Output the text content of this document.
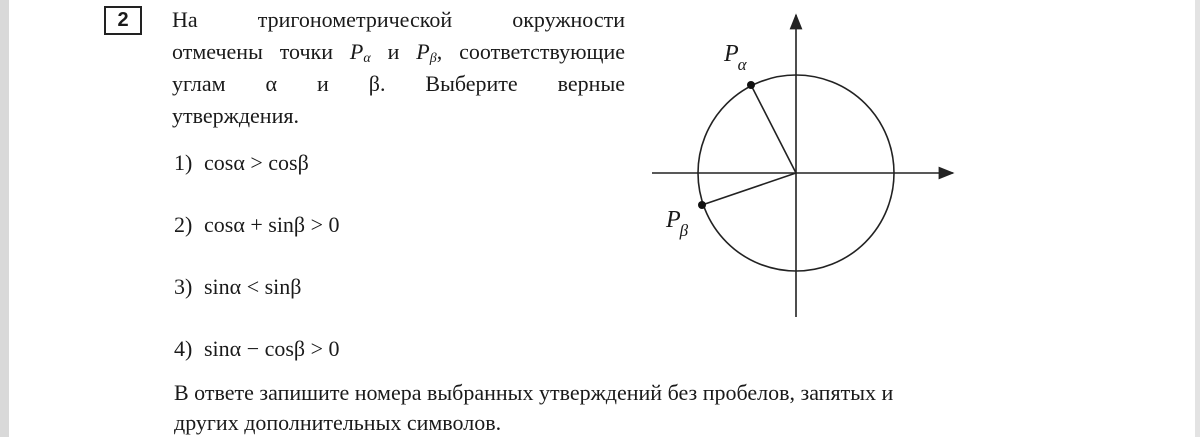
2 На тригонометрической окружности
отмечены точки $P_\alpha$ и $P_\beta$, соответствующие
углам α и β. Выберите верные
утверждения.
1) cosα > cosβ
2) cosα + sinβ > 0
3) sinα < sinβ
4) sinα − cosβ > 0
В ответе запишите номера выбранных утверждений без пробелов, запятых и
других дополнительных символов.
Pα
Pβ
